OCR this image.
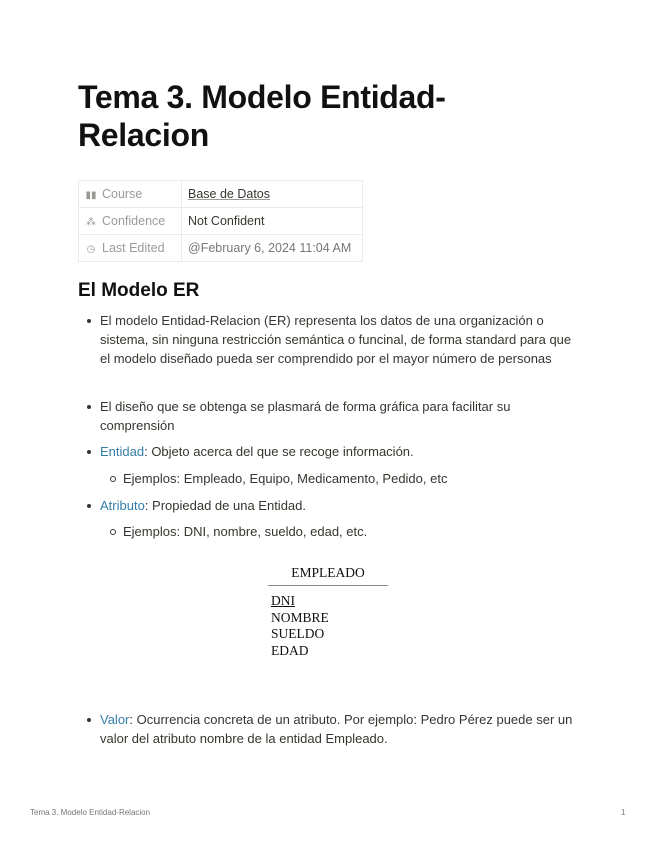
Tema 3. Modelo Entidad-Relacion
▮▮ Course	Base de Datos
⁂ Confidence	Not Confident
◷ Last Edited	@February 6, 2024 11:04 AM
El Modelo ER
El modelo Entidad-Relacion (ER) representa los datos de una organización o sistema, sin ninguna restricción semántica o funcinal, de forma standard para que el modelo diseñado pueda ser comprendido por el mayor número de personas
El diseño que se obtenga se plasmará de forma gráfica para facilitar su comprensión
Entidad: Objeto acerca del que se recoge información.
Ejemplos: Empleado, Equipo, Medicamento, Pedido, etc
Atributo: Propiedad de una Entidad.
Ejemplos: DNI, nombre, sueldo, edad, etc.
EMPLEADO
DNI
NOMBRE
SUELDO
EDAD
Valor: Ocurrencia concreta de un atributo. Por ejemplo: Pedro Pérez puede ser un valor del atributo nombre de la entidad Empleado.
Tema 3. Modelo Entidad-Relacion	1
